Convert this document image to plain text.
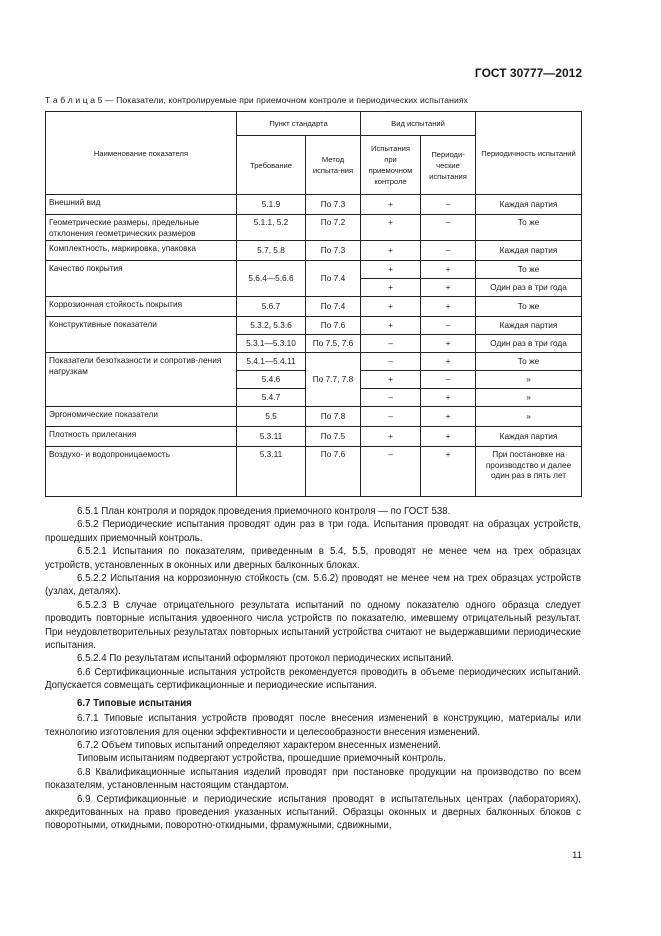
ГОСТ 30777—2012
Т а б л и ц а 5 — Показатели, контролируемые при приемочном контроле и периодических испытаниях
Наименование показателя	Пункт стандарта		Вид испытаний		Периодичность испытаний
	Требование	Метод испыта-ния	Испытания при приемочном контроле	Периоди-ческие испытания	
Внешний вид	5.1.9	По 7.3	+	–	Каждая партия
Геометрические размеры, предельные отклонения геометрических размеров	5.1.1, 5.2	По 7.2	+	–	То же
Комплектность, маркировка, упаковка	5.7, 5.8	По 7.3	+	–	Каждая партия
Качество покрытия	5.6.4—5.6.6	По 7.4	+	+	То же
			+	+	Один раз в три года
Коррозионная стойкость покрытия	5.6.7	По 7.4	+	+	То же
Конструктивные показатели	5.3.2, 5.3.6	По 7.6	+	–	Каждая партия
	5.3.1—5.3.10	По 7.5, 7.6	–	+	Один раз в три года
Показатели безотказности и сопротив-ления нагрузкам	5.4.1—5.4.11	По 7.7, 7.8	–	+	То же
	5.4.6		+	–	»
	5.4.7		–	+	»
Эргономические показатели	5.5	По 7.8	–	+	»
Плотность прилегания	5.3.11	По 7.5	+	+	Каждая партия
Воздухо- и водопроницаемость	5.3.11	По 7.6	–	+	При постановке на производство и далее один раз в пять лет

6.5.1 План контроля и порядок проведения приемочного контроля — по ГОСТ 538.

6.5.2 Периодические испытания проводят один раз в три года. Испытания проводят на образцах устройств, прошедших приемочный контроль.

6.5.2.1 Испытания по показателям, приведенным в 5.4, 5.5, проводят не менее чем на трех образцах устройств, установленных в оконных или дверных балконных блоках.

6.5.2.2 Испытания на коррозионную стойкость (см. 5.6.2) проводят не менее чем на трех образцах устройств (узлах, деталях).

6.5.2.3 В случае отрицательного результата испытаний по одному показателю одного образца следует проводить повторные испытания удвоенного числа устройств по показателю, имевшему отрицательный результат. При неудовлетворительных результатах повторных испытаний устройства считают не выдержавшими периодические испытания.

6.5.2.4 По результатам испытаний оформляют протокол периодических испытаний.

6.6 Сертификационные испытания устройств рекомендуется проводить в объеме периодических испытаний. Допускается совмещать сертификационные и периодические испытания.

6.7 Типовые испытания

6.7.1 Типовые испытания устройств проводят после внесения изменений в конструкцию, материалы или технологию изготовления для оценки эффективности и целесообразности внесения изменений.

6.7.2 Объем типовых испытаний определяют характером внесенных изменений.

Типовым испытаниям подвергают устройства, прошедшие приемочный контроль.

6.8 Квалификационные испытания изделий проводят при постановке продукции на производство по всем показателям, установленным настоящим стандартом.

6.9 Сертификационные и периодические испытания проводят в испытательных центрах (лабораториях), аккредитованных на право проведения указанных испытаний. Образцы оконных и дверных балконных блоков с поворотными, откидными, поворотно-откидными, фрамужными, сдвижными,

11
